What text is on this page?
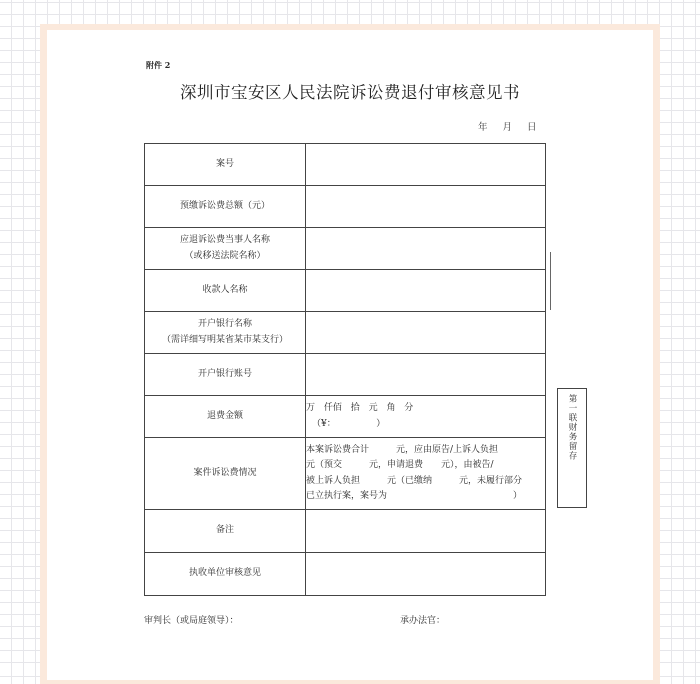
附件 2
深圳市宝安区人民法院诉讼费退付审核意见书
年 月 日
案号	

预缴诉讼费总额（元）	

应退诉讼费当事人名称
（或移送法院名称）	

收款人名称	

开户银行名称
（需详细写明某省某市某支行）	

开户银行账号	

退费金额	万 仟佰 拾 元 角 分
（¥：　　　　　）

案件诉讼费情况	本案诉讼费合计　　　元，应由原告/上诉人负担
元（预交　　　元，申请退费　　元），由被告/
被上诉人负担　　　元（已缴纳　　　元，未履行部分
已立执行案，案号为　　　　　　　　　　　　　　）

备注	

执收单位审核意见	

第一联财务留存
审判长（或局庭领导）：	承办法官：
